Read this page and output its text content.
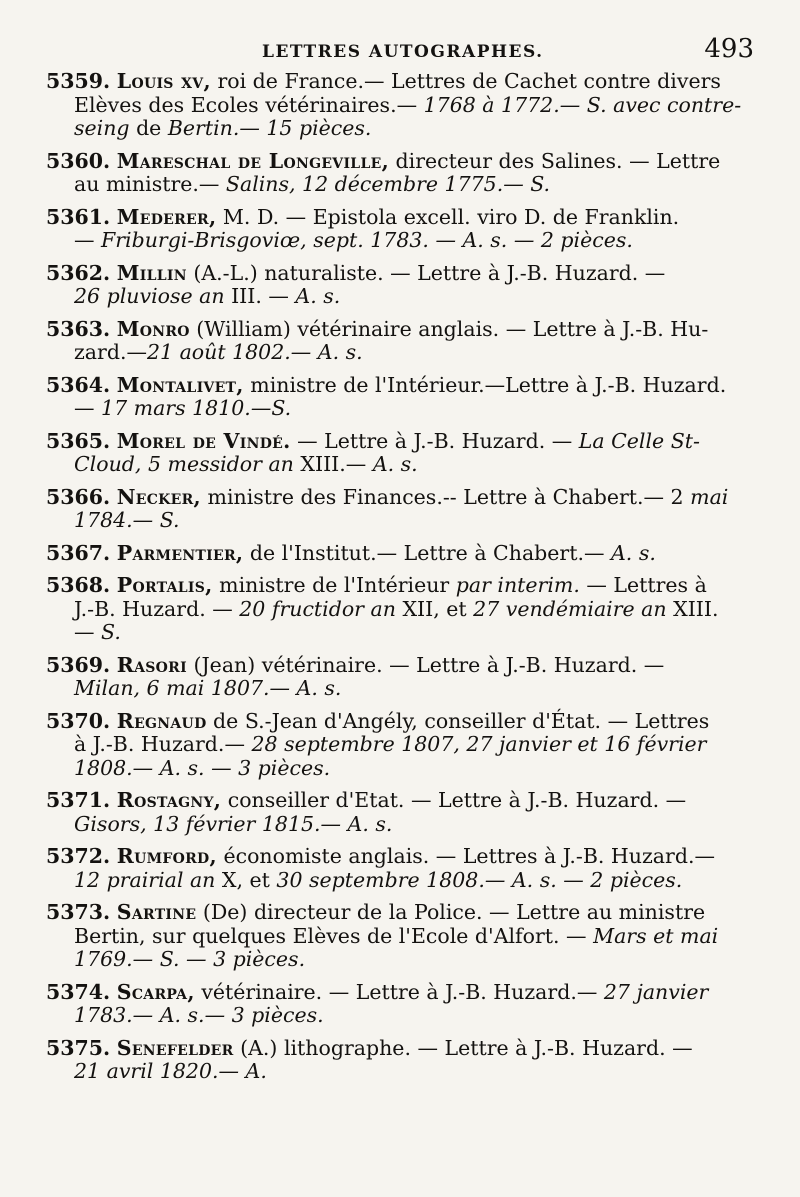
LETTRES AUTOGRAPHES.	493
5359. Louis xv, roi de France.— Lettres de Cachet contre divers
Elèves des Ecoles vétérinaires.— 1768 à 1772.— S. avec contre-
seing de Bertin.— 15 pièces.
5360. Mareschal de Longeville, directeur des Salines. — Lettre
au ministre.— Salins, 12 décembre 1775.— S.
5361. Mederer, M. D. — Epistola excell. viro D. de Franklin.
— Friburgi-Brisgoviœ, sept. 1783. — A. s. — 2 pièces.
5362. Millin (A.-L.) naturaliste. — Lettre à J.-B. Huzard. —
26 pluviose an III. — A. s.
5363. Monro (William) vétérinaire anglais. — Lettre à J.-B. Hu-
zard.—21 août 1802.— A. s.
5364. Montalivet, ministre de l'Intérieur.—Lettre à J.-B. Huzard.
— 17 mars 1810.—S.
5365. Morel de Vindé. — Lettre à J.-B. Huzard. — La Celle St-
Cloud, 5 messidor an XIII.— A. s.
5366. Necker, ministre des Finances.-- Lettre à Chabert.— 2 mai
1784.— S.
5367. Parmentier, de l'Institut.— Lettre à Chabert.— A. s.
5368. Portalis, ministre de l'Intérieur par interim. — Lettres à
J.-B. Huzard. — 20 fructidor an XII, et 27 vendémiaire an XIII.
— S.
5369. Rasori (Jean) vétérinaire. — Lettre à J.-B. Huzard. —
Milan, 6 mai 1807.— A. s.
5370. Regnaud de S.-Jean d'Angély, conseiller d'État. — Lettres
à J.-B. Huzard.— 28 septembre 1807, 27 janvier et 16 février
1808.— A. s. — 3 pièces.
5371. Rostagny, conseiller d'Etat. — Lettre à J.-B. Huzard. —
Gisors, 13 février 1815.— A. s.
5372. Rumford, économiste anglais. — Lettres à J.-B. Huzard.—
12 prairial an X, et 30 septembre 1808.— A. s. — 2 pièces.
5373. Sartine (De) directeur de la Police. — Lettre au ministre
Bertin, sur quelques Elèves de l'Ecole d'Alfort. — Mars et mai
1769.— S. — 3 pièces.
5374. Scarpa, vétérinaire. — Lettre à J.-B. Huzard.— 27 janvier
1783.— A. s.— 3 pièces.
5375. Senefelder (A.) lithographe. — Lettre à J.-B. Huzard. —
21 avril 1820.— A.
